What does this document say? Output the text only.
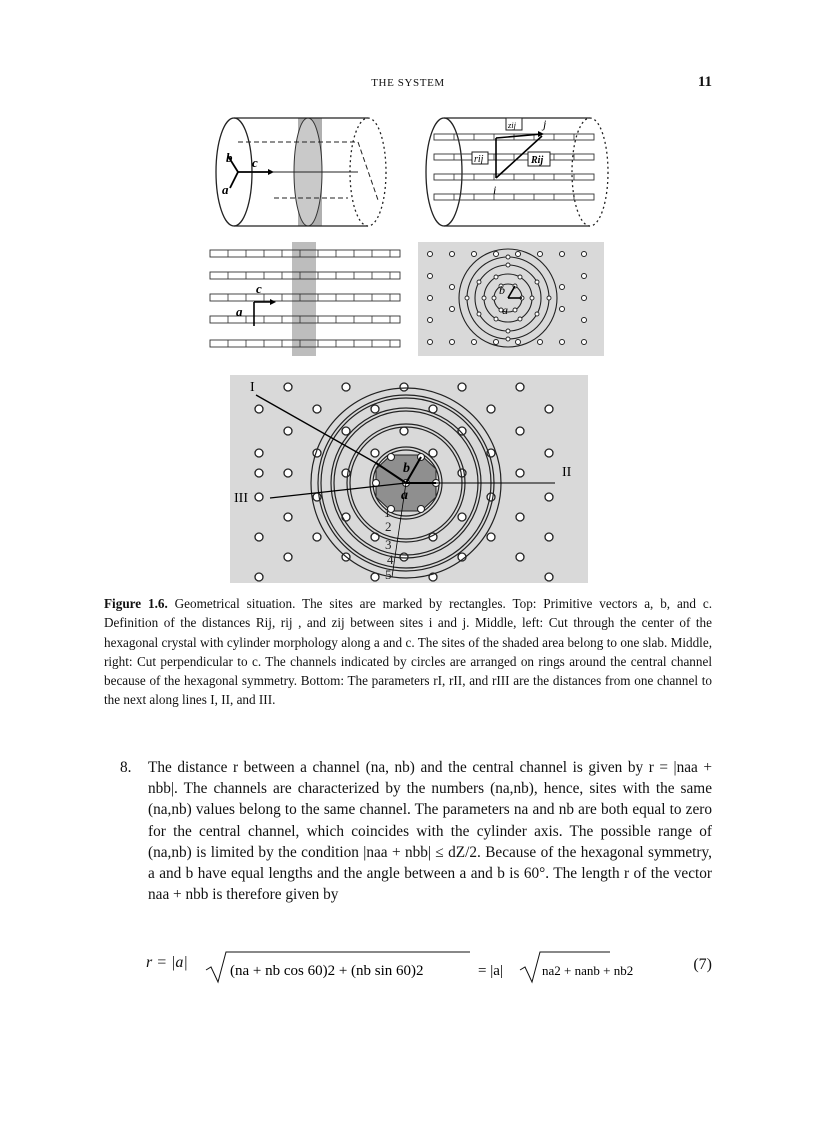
THE SYSTEM	11
b c
a
zij j
rij	Rij
i
c
a
b
a
I
II
III
b
a
1
2
3
4
5
Figure 1.6. Geometrical situation. The sites are marked by rectangles. Top: Primitive vectors a, b, and c. Definition of the distances Rij, rij , and zij between sites i and j. Middle, left: Cut through the center of the hexagonal crystal with cylinder morphology along a and c. The sites of the shaded area belong to one slab. Middle, right: Cut perpendicular to c. The channels indicated by circles are arranged on rings around the central channel because of the hexagonal symmetry. Bottom: The parameters rI, rII, and rIII are the distances from one channel to the next along lines I, II, and III.
8. The distance r between a channel (na, nb) and the central channel is given by r = |naa + nbb|. The channels are characterized by the numbers (na,nb), hence, sites with the same (na,nb) values belong to the same channel. The parameters na and nb are both equal to zero for the central channel, which coincides with the cylinder axis. The possible range of (na,nb) is limited by the condition |naa + nbb| ≤ dZ/2. Because of the hexagonal symmetry, a and b have equal lengths and the angle between a and b is 60°. The length r of the vector naa + nbb is therefore given by
r = |a|	(na + nb cos 60)2 + (nb sin 60)2	= |a|	na2 + nanb + nb2	(7)
